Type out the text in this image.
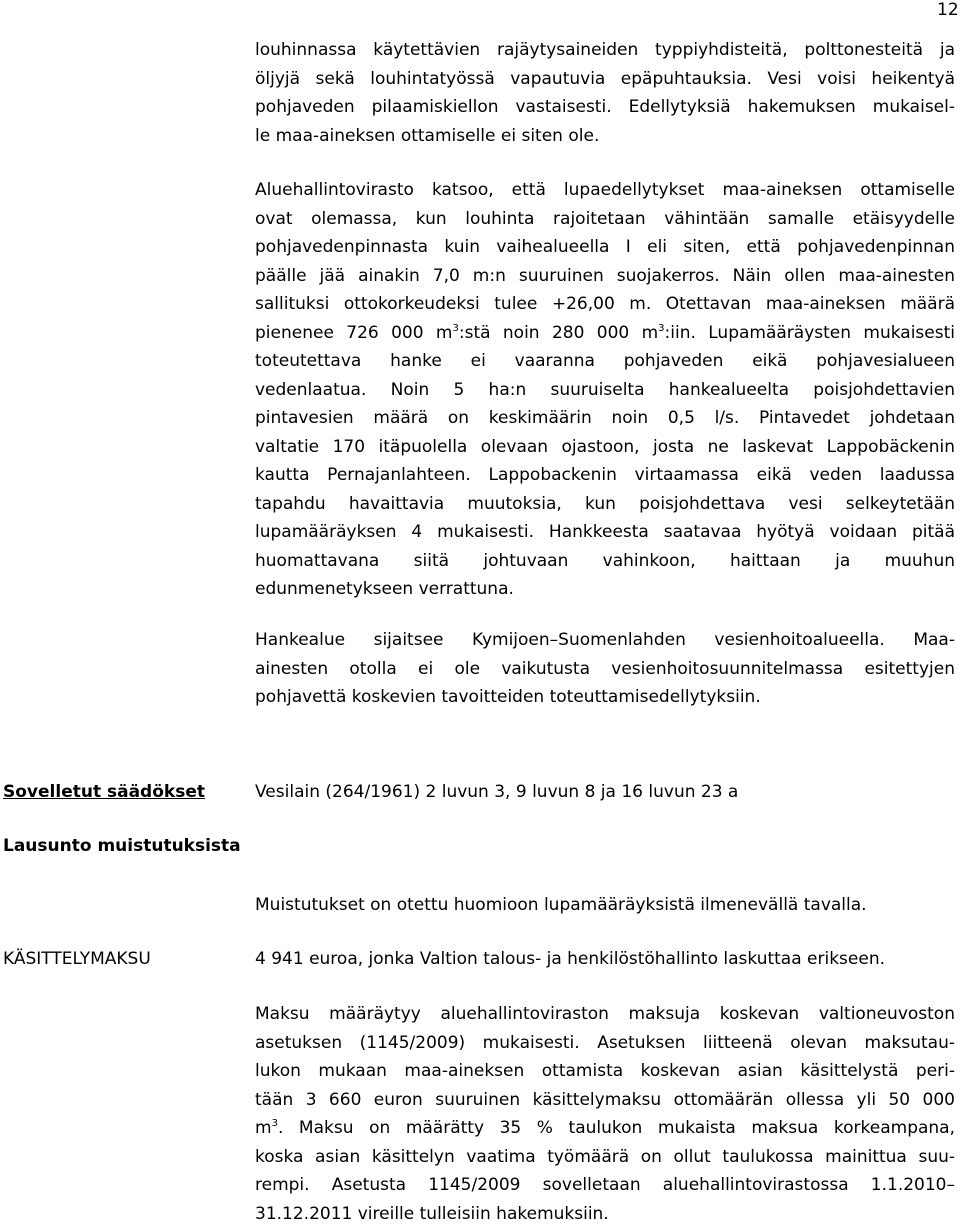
12
louhinnassa käytettävien rajäytysaineiden typpiyhdisteitä, polttonesteitä ja
öljyjä sekä louhintatyössä vapautuvia epäpuhtauksia. Vesi voisi heikentyä
pohjaveden pilaamiskiellon vastaisesti. Edellytyksiä hakemuksen mukaisel-
le maa-aineksen ottamiselle ei siten ole.
Aluehallintovirasto katsoo, että lupaedellytykset maa-aineksen ottamiselle
ovat olemassa, kun louhinta rajoitetaan vähintään samalle etäisyydelle
pohjavedenpinnasta kuin vaihealueella I eli siten, että pohjavedenpinnan
päälle jää ainakin 7,0 m:n suuruinen suojakerros. Näin ollen maa-ainesten
sallituksi ottokorkeudeksi tulee +26,00 m. Otettavan maa-aineksen määrä
pienenee 726 000 $m^3:stä$ noin 280 000 $m^3:iin$. Lupamääräysten mukaisesti
toteutettava hanke ei vaaranna pohjaveden eikä pohjavesialueen
vedenlaatua. Noin 5 ha:n suuruiselta hankealueelta poisjohdettavien
pintavesien määrä on keskimäärin noin 0,5 l/s. Pintavedet johdetaan
valtatie 170 itäpuolella olevaan ojastoon, josta ne laskevat Lappobäckenin
kautta Pernajanlahteen. Lappobackenin virtaamassa eikä veden laadussa
tapahdu havaittavia muutoksia, kun poisjohdettava vesi selkeytetään
lupamääräyksen 4 mukaisesti. Hankkeesta saatavaa hyötyä voidaan pitää
huomattavana siitä johtuvaan vahinkoon, haittaan ja muuhun
edunmenetykseen verrattuna.
Hankealue sijaitsee Kymijoen–Suomenlahden vesienhoitoalueella. Maa-
ainesten otolla ei ole vaikutusta vesienhoitosuunnitelmassa esitettyjen
pohjavettä koskevien tavoitteiden toteuttamisedellytyksiin.
Sovelletut säädökset	Vesilain (264/1961) 2 luvun 3, 9 luvun 8 ja 16 luvun 23 a
Lausunto muistutuksista
Muistutukset on otettu huomioon lupamääräyksistä ilmenevällä tavalla.
KÄSITTELYMAKSU	4 941 euroa, jonka Valtion talous- ja henkilöstöhallinto laskuttaa erikseen.
Maksu määräytyy aluehallintoviraston maksuja koskevan valtioneuvoston
asetuksen (1145/2009) mukaisesti. Asetuksen liitteenä olevan maksutau-
lukon mukaan maa-aineksen ottamista koskevan asian käsittelystä peri-
tään 3 660 euron suuruinen käsittelymaksu ottomäärän ollessa yli 50 000
$m^3$. Maksu on määrätty 35 % taulukon mukaista maksua korkeampana,
koska asian käsittelyn vaatima työmäärä on ollut taulukossa mainittua suu-
rempi. Asetusta 1145/2009 sovelletaan aluehallintovirastossa 1.1.2010–
31.12.2011 vireille tulleisiin hakemuksiin.
